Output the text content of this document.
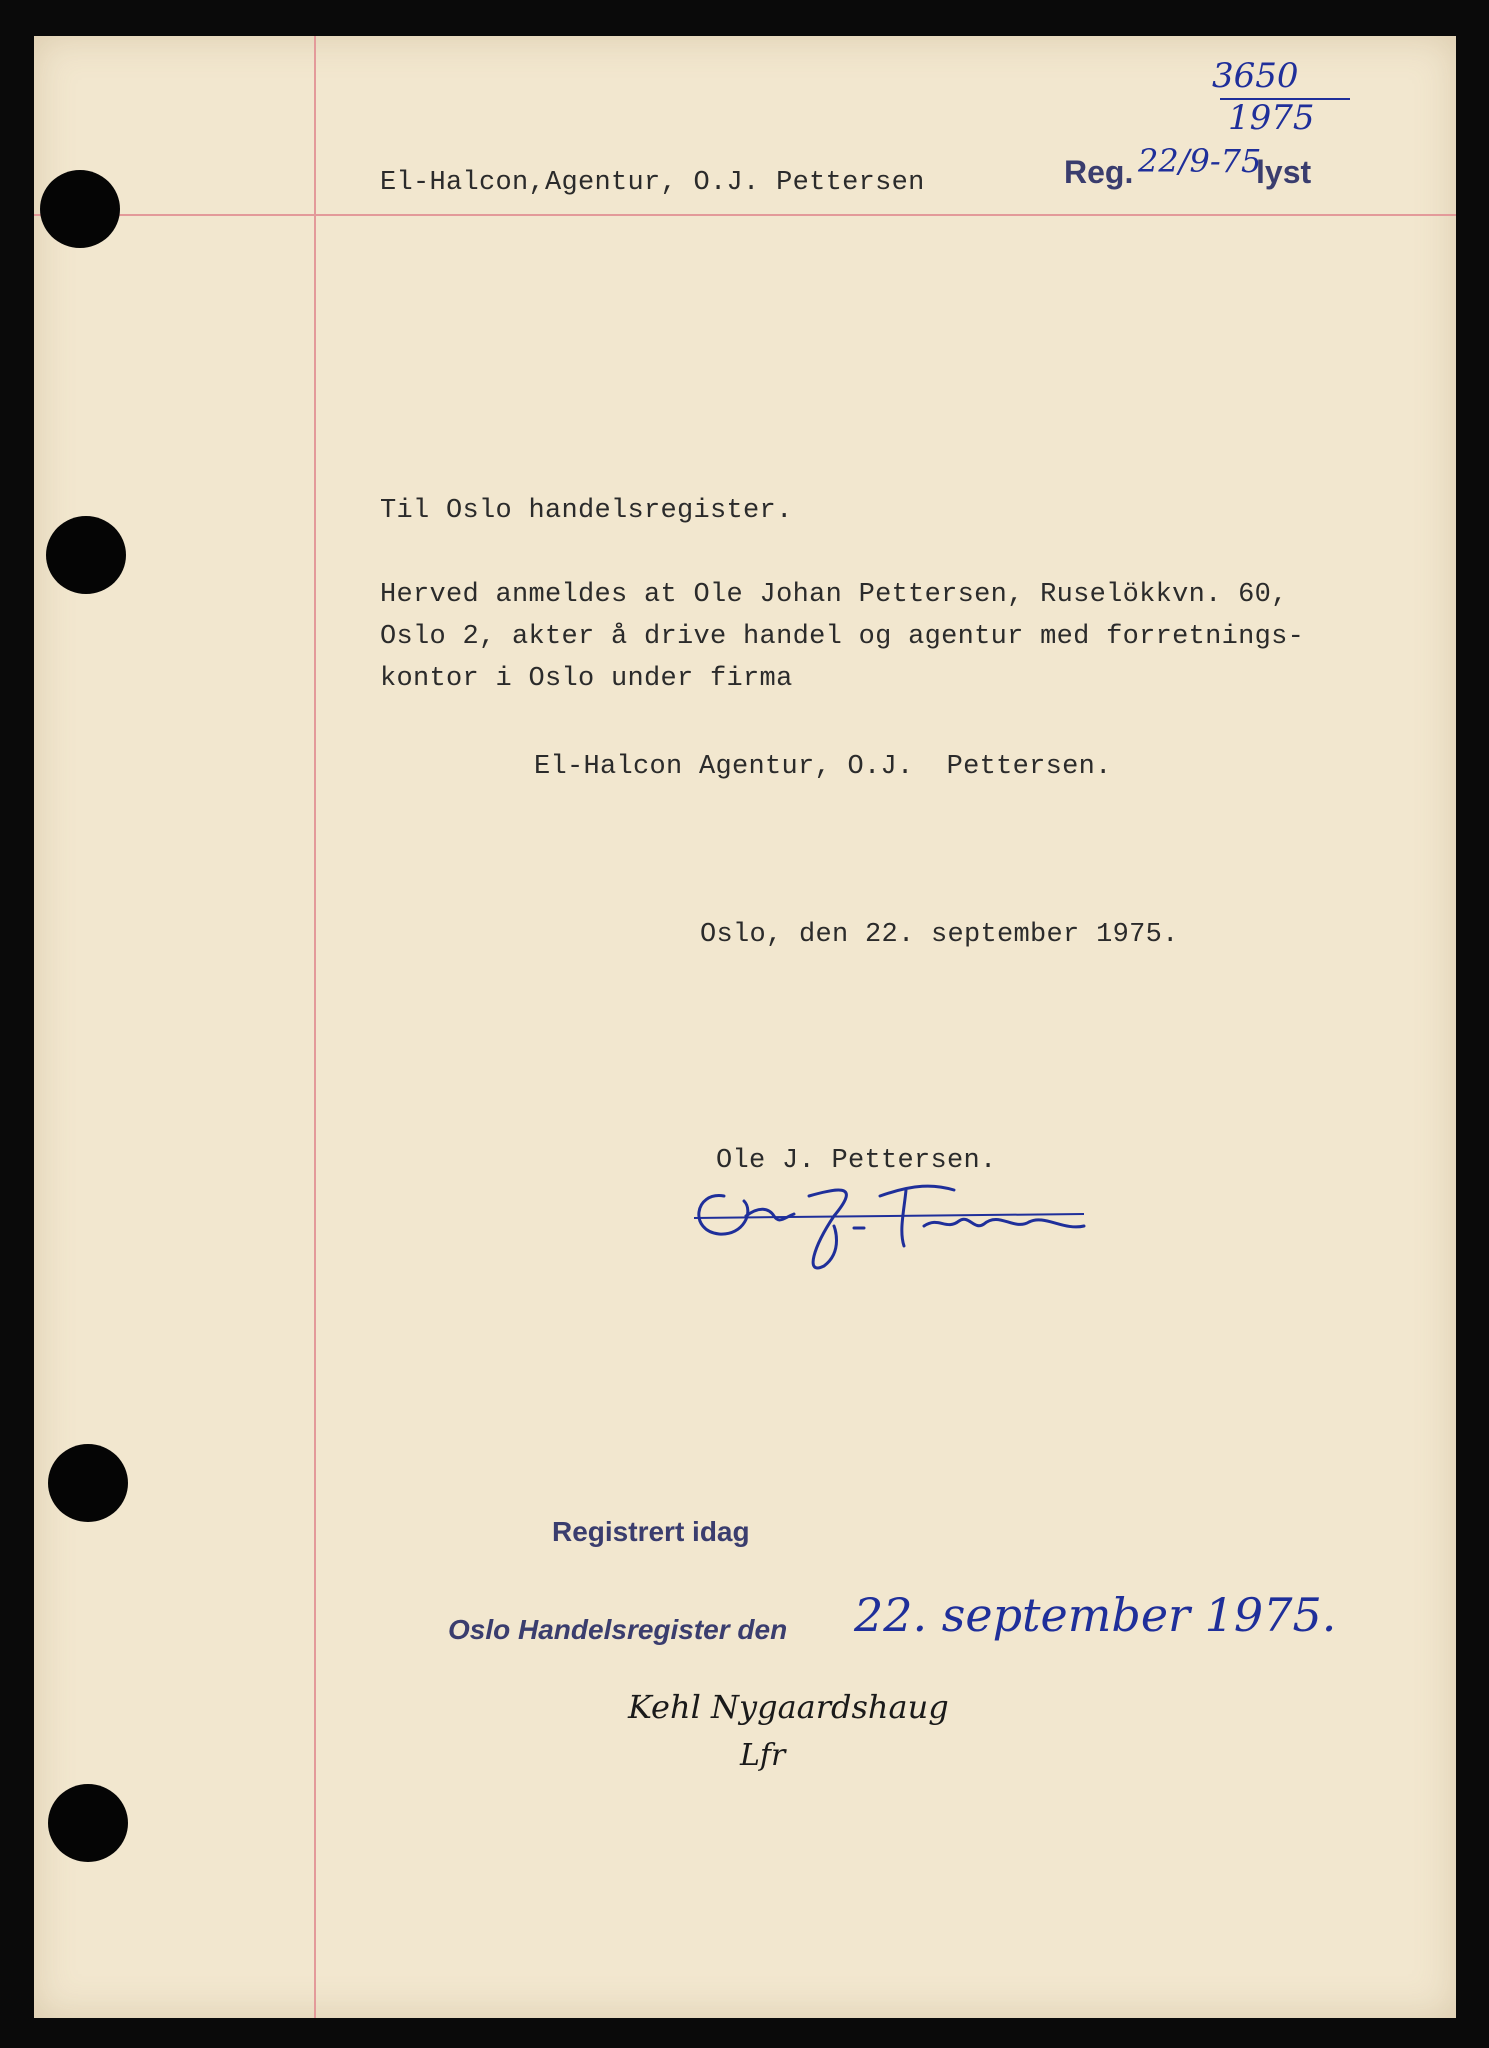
El-Halcon,Agentur, O.J. Pettersen	Reg. 22/9-75
lyst
3650
1975
Til Oslo handelsregister.
Herved anmeldes at Ole Johan Pettersen, Ruselökkvn. 60,
Oslo 2, akter å drive handel og agentur med forretnings-
kontor i Oslo under firma
El-Halcon Agentur, O.J.  Pettersen.
Oslo, den 22. september 1975.
Ole J. Pettersen.
Registrert idag
Oslo Handelsregister den 22. september 1975.
Kehl Nygaardshaug
Lfr
